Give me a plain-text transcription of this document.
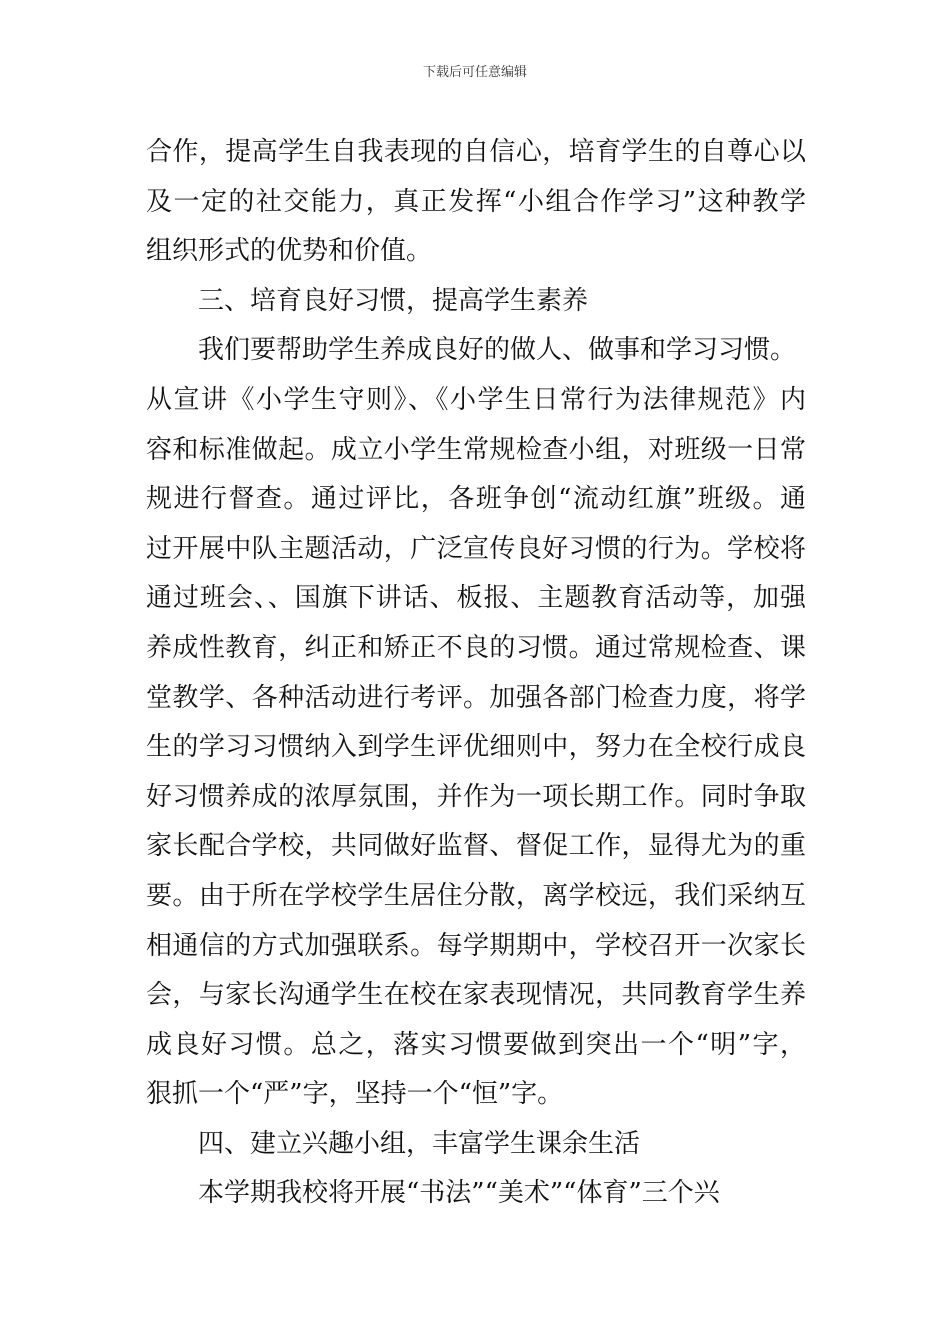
下载后可任意编辑
合作，提高学生自我表现的自信心，培育学生的自尊心以
及一定的社交能力，真正发挥“小组合作学习”这种教学
组织形式的优势和价值。
三、培育良好习惯，提高学生素养
我们要帮助学生养成良好的做人、做事和学习习惯。
从宣讲《小学生守则》、《小学生日常行为法律规范》内
容和标准做起。成立小学生常规检查小组，对班级一日常
规进行督查。通过评比，各班争创“流动红旗”班级。通
过开展中队主题活动，广泛宣传良好习惯的行为。学校将
通过班会、、国旗下讲话、板报、主题教育活动等，加强
养成性教育，纠正和矫正不良的习惯。通过常规检查、课
堂教学、各种活动进行考评。加强各部门检查力度，将学
生的学习习惯纳入到学生评优细则中，努力在全校行成良
好习惯养成的浓厚氛围，并作为一项长期工作。同时争取
家长配合学校，共同做好监督、督促工作，显得尤为的重
要。由于所在学校学生居住分散，离学校远，我们采纳互
相通信的方式加强联系。每学期期中，学校召开一次家长
会，与家长沟通学生在校在家表现情况，共同教育学生养
成良好习惯。总之，落实习惯要做到突出一个“明”字，
狠抓一个“严”字，坚持一个“恒”字。
四、建立兴趣小组，丰富学生课余生活
本学期我校将开展“书法”“美术”“体育”三个兴
